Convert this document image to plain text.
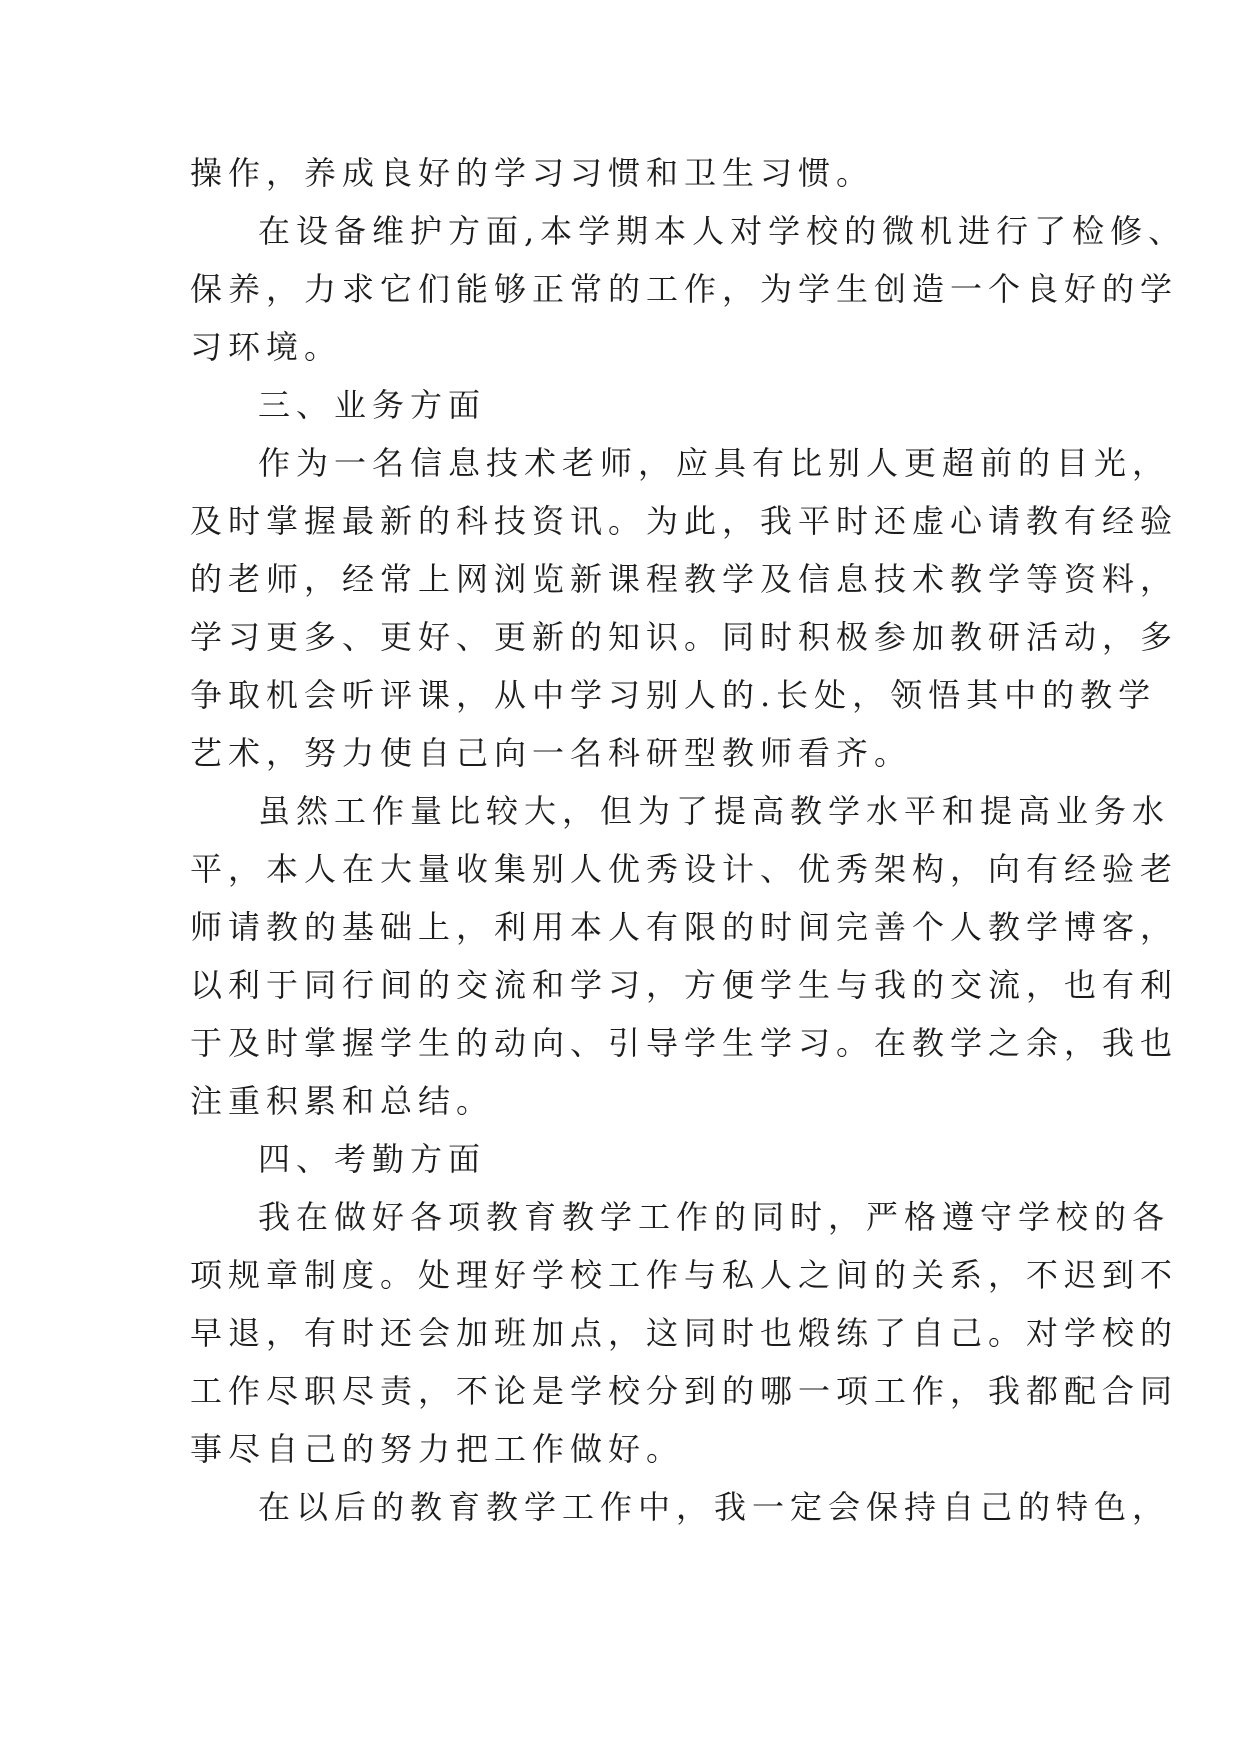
操作，养成良好的学习习惯和卫生习惯。

在设备维护方面,本学期本人对学校的微机进行了检修、

保养，力求它们能够正常的工作，为学生创造一个良好的学

习环境。

三、业务方面

作为一名信息技术老师，应具有比别人更超前的目光，

及时掌握最新的科技资讯。为此，我平时还虚心请教有经验

的老师，经常上网浏览新课程教学及信息技术教学等资料，

学习更多、更好、更新的知识。同时积极参加教研活动，多

争取机会听评课，从中学习别人的.长处，领悟其中的教学

艺术，努力使自己向一名科研型教师看齐。

虽然工作量比较大，但为了提高教学水平和提高业务水

平，本人在大量收集别人优秀设计、优秀架构，向有经验老

师请教的基础上，利用本人有限的时间完善个人教学博客，

以利于同行间的交流和学习，方便学生与我的交流，也有利

于及时掌握学生的动向、引导学生学习。在教学之余，我也

注重积累和总结。

四、考勤方面

我在做好各项教育教学工作的同时，严格遵守学校的各

项规章制度。处理好学校工作与私人之间的关系，不迟到不

早退，有时还会加班加点，这同时也煅练了自己。对学校的

工作尽职尽责，不论是学校分到的哪一项工作，我都配合同

事尽自己的努力把工作做好。

在以后的教育教学工作中，我一定会保持自己的特色，
